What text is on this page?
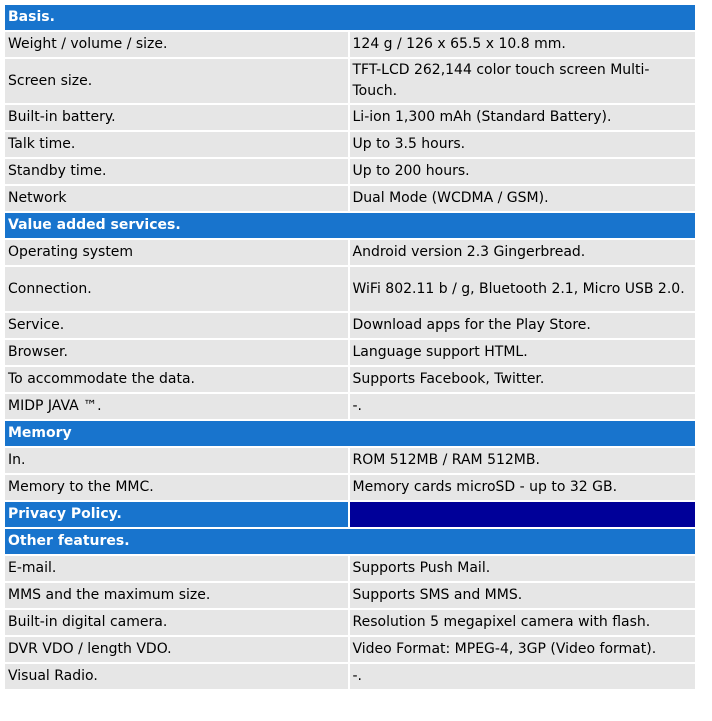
Basis.	
Weight / volume / size.	124 g / 126 x 65.5 x 10.8 mm.
Screen size.	TFT-LCD 262,144 color touch screen Multi-Touch.
Built-in battery.	Li-ion 1,300 mAh (Standard Battery).
Talk time.	Up to 3.5 hours.
Standby time.	Up to 200 hours.
Network	Dual Mode (WCDMA / GSM).
Value added services.	
Operating system	Android version 2.3 Gingerbread.
Connection.	WiFi 802.11 b / g, Bluetooth 2.1, Micro USB 2.0.
Service.	Download apps for the Play Store.
Browser.	Language support HTML.
To accommodate the data.	Supports Facebook, Twitter.
MIDP JAVA ™.	-.
Memory	
In.	ROM 512MB / RAM 512MB.
Memory to the MMC.	Memory cards microSD - up to 32 GB.
Privacy Policy.	
Other features.	
E-mail.	Supports Push Mail.
MMS and the maximum size.	Supports SMS and MMS.
Built-in digital camera.	Resolution 5 megapixel camera with flash.
DVR VDO / length VDO.	Video Format: MPEG-4, 3GP (Video format).
Visual Radio.	-.
